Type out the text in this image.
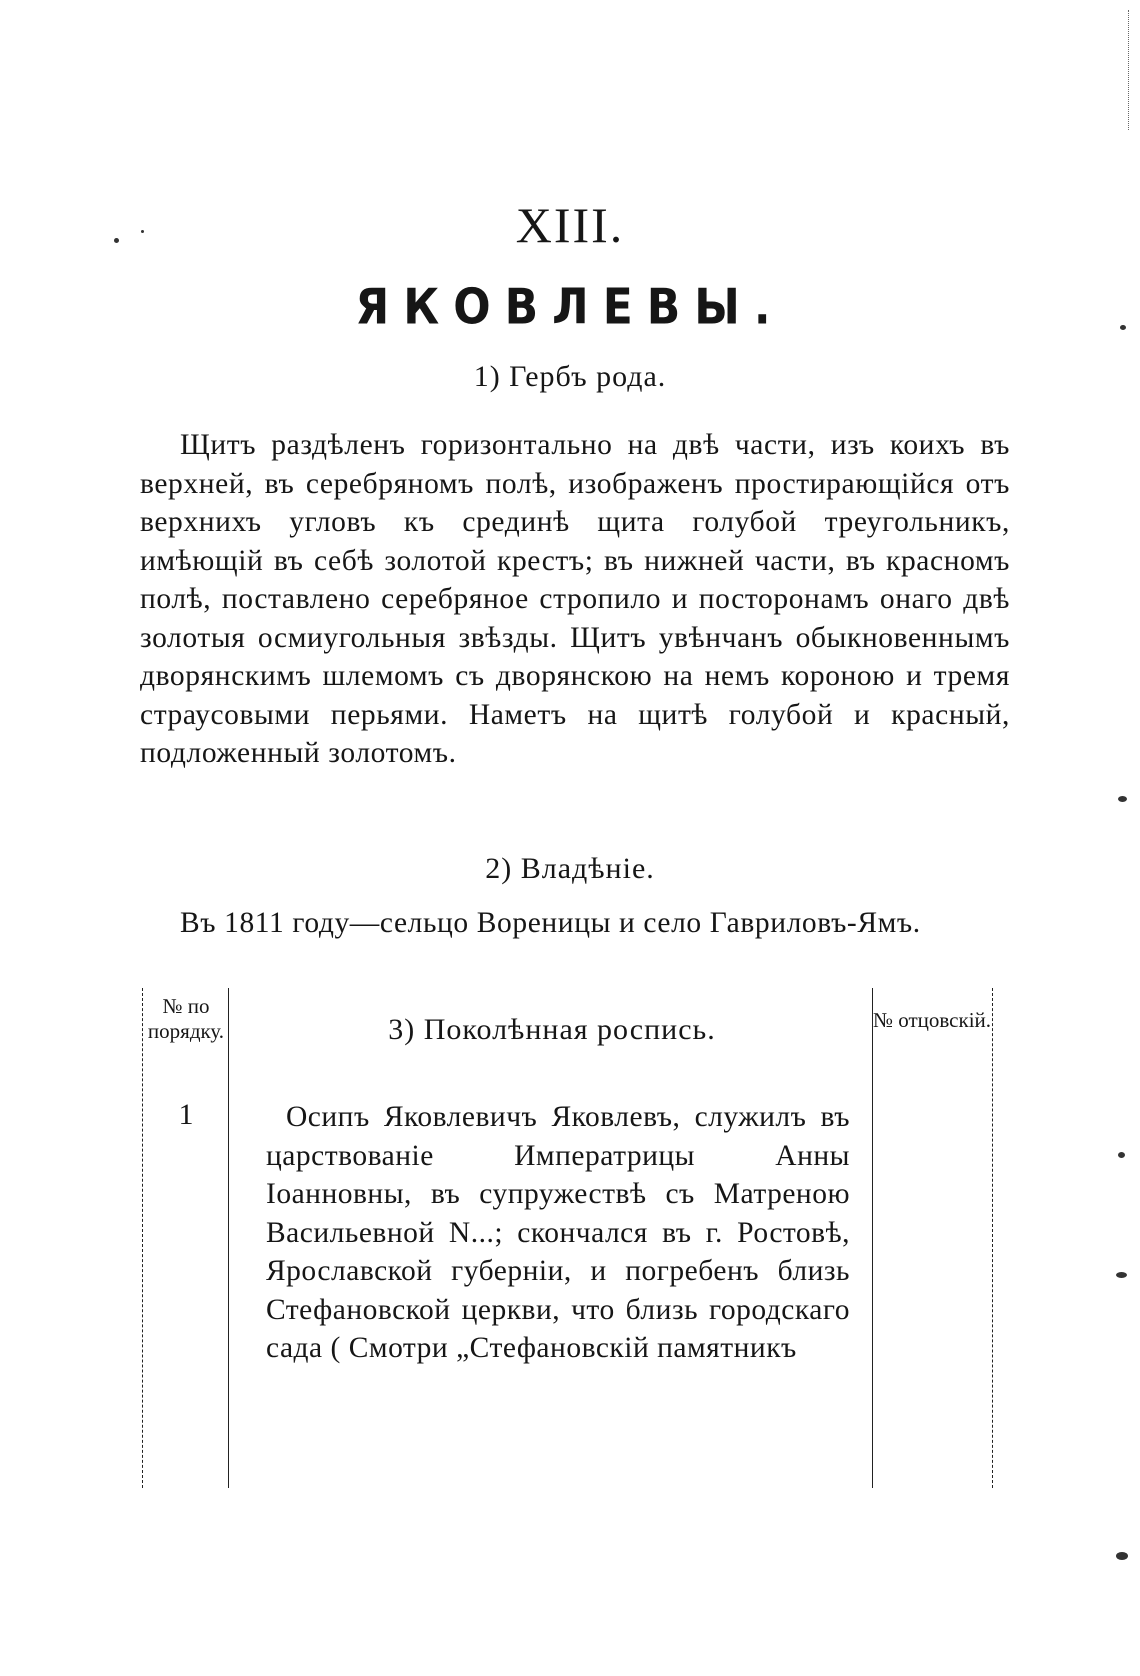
XIII.
ЯКОВЛЕВЫ.
1) Гербъ рода.
Щитъ раздѣленъ горизонтально на двѣ части, изъ коихъ въ верхней, въ серебряномъ полѣ, изображенъ простирающійся отъ верхнихъ угловъ къ срединѣ щита голубой треугольникъ, имѣющій въ себѣ золотой крестъ; въ нижней части, въ красномъ полѣ, поставлено серебряное стропило и посторонамъ онаго двѣ золотыя осмиугольныя звѣзды. Щитъ увѣнчанъ обыкновеннымъ дворянскимъ шлемомъ съ дворянскою на немъ короною и тремя страусовыми перьями. Наметъ на щитѣ голубой и красный, подложенный золотомъ.
2) Владѣніе.
Въ 1811 году—сельцо Вореницы и село Гавриловъ-Ямъ.
№ по порядку.	3) Поколѣнная роспись.	№ отцовскій.
1	Осипъ Яковлевичъ Яковлевъ, служилъ въ царствованіе Императрицы Анны Іоанновны, въ супружествѣ съ Матреною Васильевной N...; скончался въ г. Ростовѣ, Ярославской губерніи, и погребенъ близь Стефановской церкви, что близь городскаго сада ( Смотри „Стефановскій памятникъ
